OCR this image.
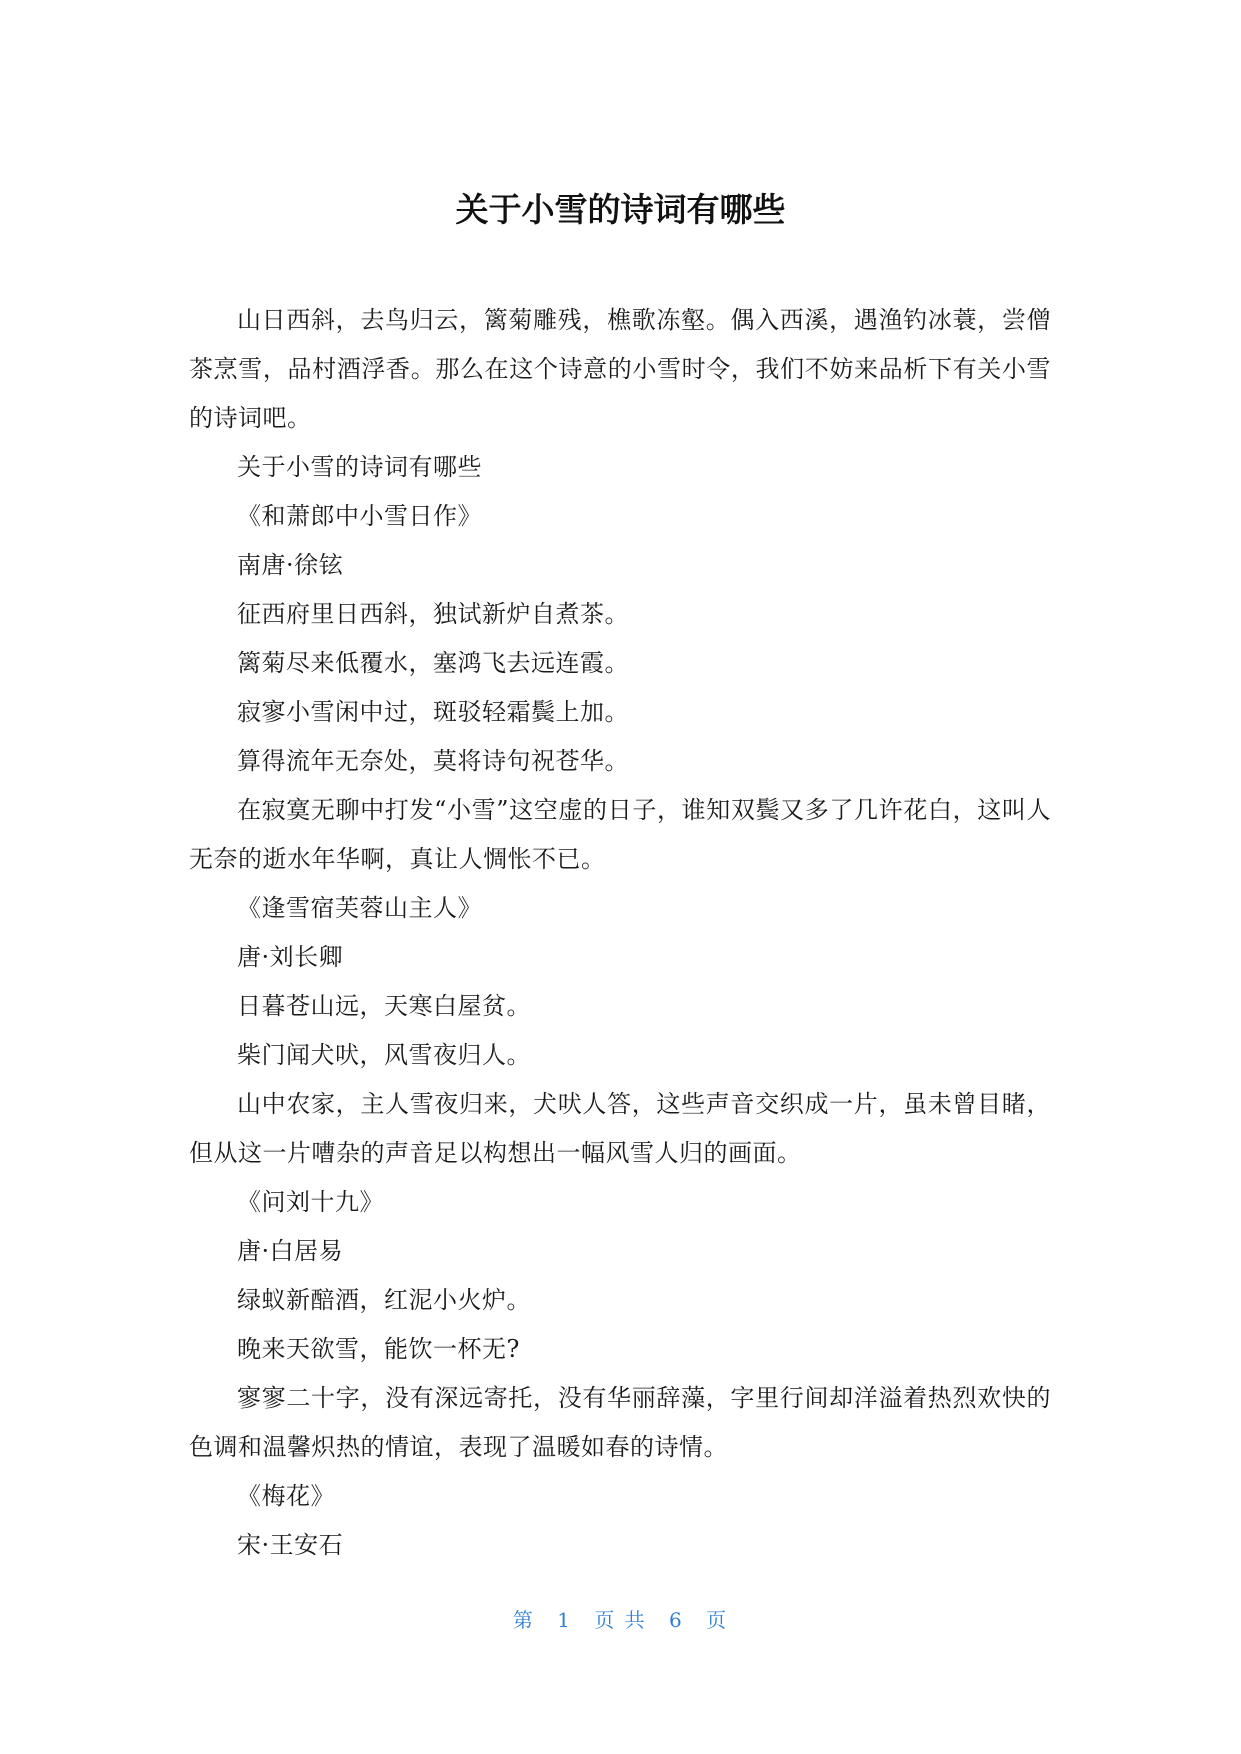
关于小雪的诗词有哪些

山日西斜，去鸟归云，篱菊雕残，樵歌冻壑。偶入西溪，遇渔钓冰蓑，尝僧茶烹雪，品村酒浮香。那么在这个诗意的小雪时令，我们不妨来品析下有关小雪的诗词吧。

关于小雪的诗词有哪些

《和萧郎中小雪日作》

南唐·徐铉

征西府里日西斜，独试新炉自煮茶。

篱菊尽来低覆水，塞鸿飞去远连霞。

寂寥小雪闲中过，斑驳轻霜鬓上加。

算得流年无奈处，莫将诗句祝苍华。

在寂寞无聊中打发“小雪”这空虚的日子，谁知双鬓又多了几许花白，这叫人无奈的逝水年华啊，真让人惆怅不已。

《逢雪宿芙蓉山主人》

唐·刘长卿

日暮苍山远，天寒白屋贫。

柴门闻犬吠，风雪夜归人。

山中农家，主人雪夜归来，犬吠人答，这些声音交织成一片，虽未曾目睹，但从这一片嘈杂的声音足以构想出一幅风雪人归的画面。

《问刘十九》

唐·白居易

绿蚁新醅酒，红泥小火炉。

晚来天欲雪，能饮一杯无?

寥寥二十字，没有深远寄托，没有华丽辞藻，字里行间却洋溢着热烈欢快的色调和温馨炽热的情谊，表现了温暖如春的诗情。

《梅花》

宋·王安石

第 1 页 共 6 页
